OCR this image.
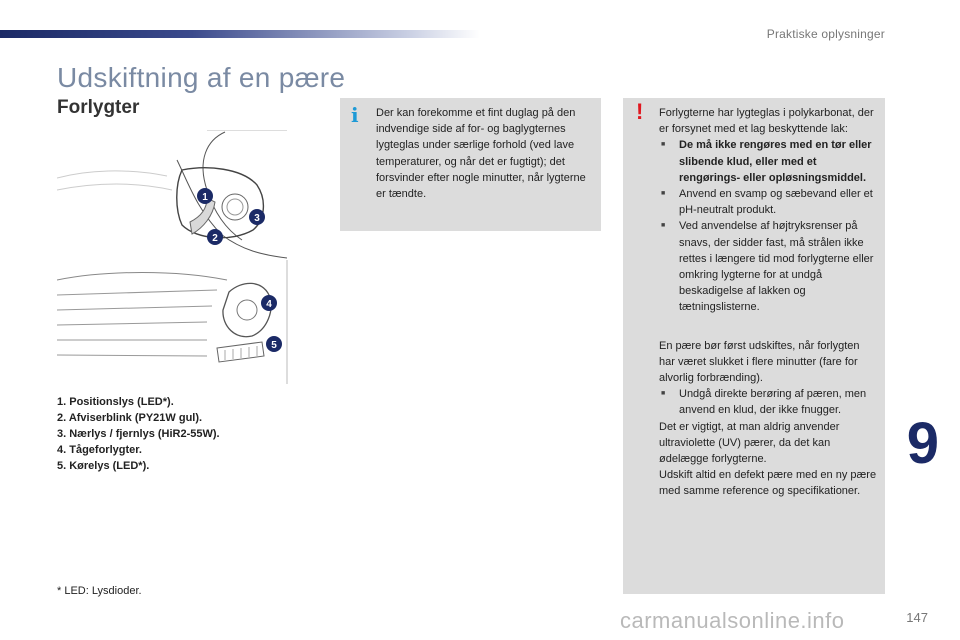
Praktiske oplysninger
Udskiftning af en pære
Forlygter
1
2
3
4
5
1. Positionslys (LED*).
2. Afviserblink (PY21W gul).
3. Nærlys / fjernlys (HiR2-55W).
4. Tågeforlygter.
5. Kørelys (LED*).
* LED: Lysdioder.
i Der kan forekomme et fint duglag på den indvendige side af for- og baglygternes lygteglas under særlige forhold (ved lave temperaturer, og når det er fugtigt); det forsvinder efter nogle minutter, når lygterne er tændte.

! Forlygterne har lygteglas i polykarbonat, der er forsynet med et lag beskyttende lak:

■ De må ikke rengøres med en tør eller slibende klud, eller med et rengørings- eller opløsningsmiddel.
■ Anvend en svamp og sæbevand eller et pH-neutralt produkt.
■ Ved anvendelse af højtryksrenser på snavs, der sidder fast, må strålen ikke rettes i længere tid mod forlygterne eller omkring lygterne for at undgå beskadigelse af lakken og tætningslisterne.

En pære bør først udskiftes, når forlygten har været slukket i flere minutter (fare for alvorlig forbrænding).

■ Undgå direkte berøring af pæren, men anvend en klud, der ikke fnugger.

Det er vigtigt, at man aldrig anvender ultraviolette (UV) pærer, da det kan ødelægge forlygterne.

Udskift altid en defekt pære med en ny pære med samme reference og specifikationer.

9
carmanualsonline.info	147
